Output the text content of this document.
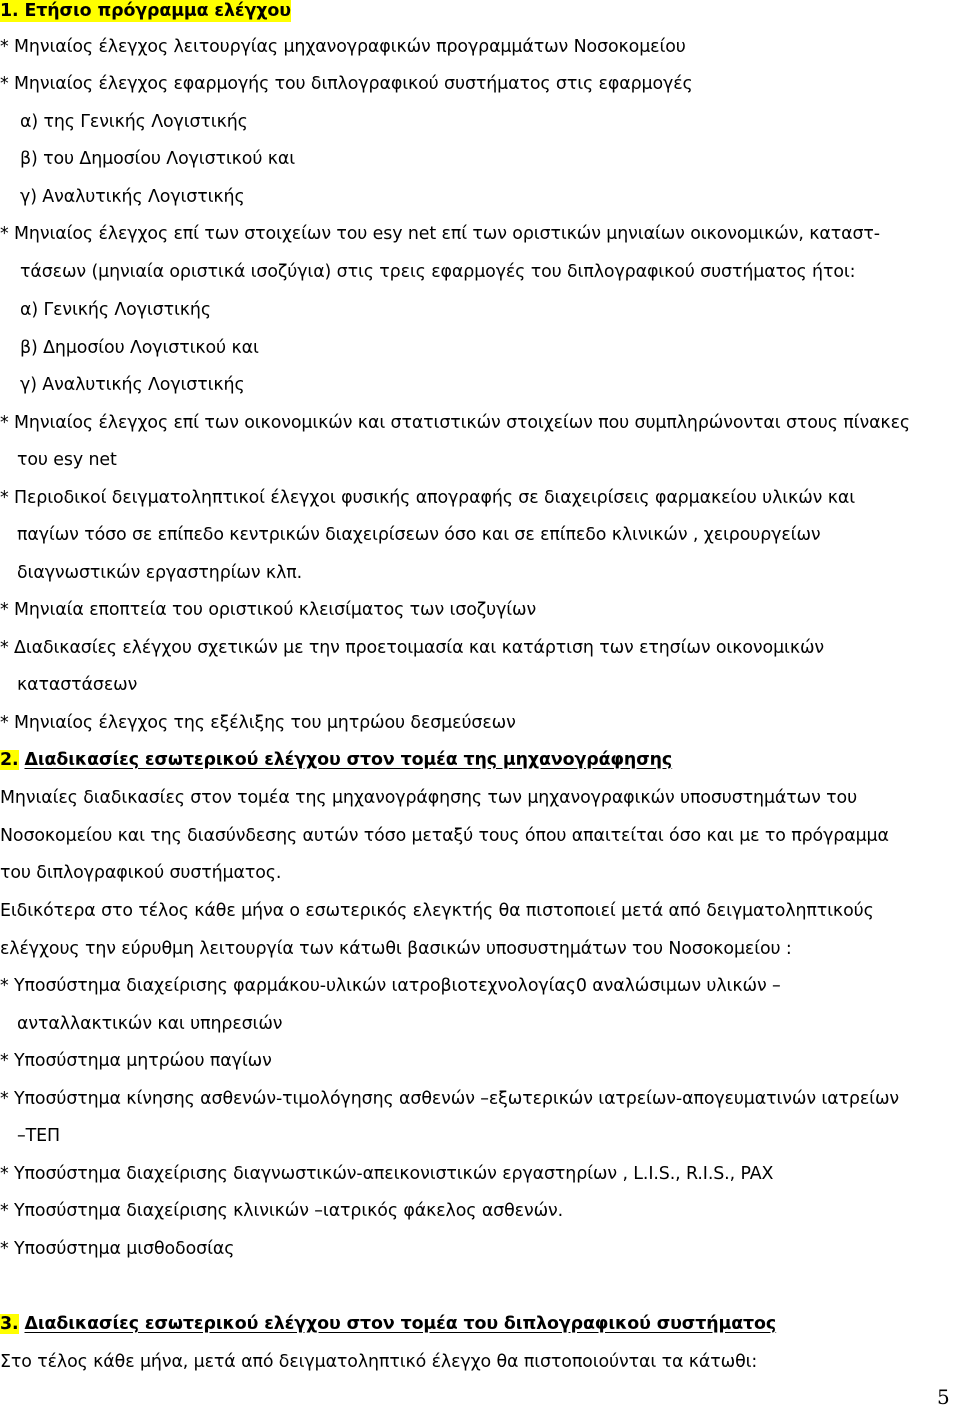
1. Ετήσιο πρόγραμμα ελέγχου
* Μηνιαίος έλεγχος λειτουργίας μηχανογραφικών προγραμμάτων Νοσοκομείου
* Μηνιαίος έλεγχος εφαρμογής του διπλογραφικού συστήματος στις εφαρμογές
α) της Γενικής Λογιστικής
β) του Δημοσίου Λογιστικού και
γ) Αναλυτικής Λογιστικής
* Μηνιαίος έλεγχος επί των στοιχείων του esy net επί των οριστικών μηνιαίων οικονομικών, καταστ-
τάσεων (μηνιαία οριστικά ισοζύγια) στις τρεις εφαρμογές του διπλογραφικού συστήματος ήτοι:
α) Γενικής Λογιστικής
β) Δημοσίου Λογιστικού και
γ) Αναλυτικής Λογιστικής
* Μηνιαίος έλεγχος επί των οικονομικών και στατιστικών στοιχείων που συμπληρώνονται στους πίνακες
του esy net
* Περιοδικοί δειγματοληπτικοί έλεγχοι φυσικής απογραφής σε διαχειρίσεις φαρμακείου υλικών και
παγίων τόσο σε επίπεδο κεντρικών διαχειρίσεων όσο και σε επίπεδο κλινικών , χειρουργείων
διαγνωστικών εργαστηρίων κλπ.
* Μηνιαία εποπτεία του οριστικού κλεισίματος των ισοζυγίων
* Διαδικασίες ελέγχου σχετικών με την προετοιμασία και κατάρτιση των ετησίων οικονομικών
καταστάσεων
* Μηνιαίος έλεγχος της εξέλιξης του μητρώου δεσμεύσεων
2. Διαδικασίες εσωτερικού ελέγχου στον τομέα της μηχανογράφησης
Μηνιαίες διαδικασίες στον τομέα της μηχανογράφησης των μηχανογραφικών υποσυστημάτων του
Νοσοκομείου και της διασύνδεσης αυτών τόσο μεταξύ τους όπου απαιτείται όσο και με το πρόγραμμα
του διπλογραφικού συστήματος.
Ειδικότερα στο τέλος κάθε μήνα ο εσωτερικός ελεγκτής θα πιστοποιεί μετά από δειγματοληπτικούς
ελέγχους την εύρυθμη λειτουργία των κάτωθι βασικών υποσυστημάτων του Νοσοκομείου :
* Υποσύστημα διαχείρισης φαρμάκου-υλικών ιατροβιοτεχνολογίας0 αναλώσιμων υλικών –
ανταλλακτικών και υπηρεσιών
* Υποσύστημα μητρώου παγίων
* Υποσύστημα κίνησης ασθενών-τιμολόγησης ασθενών –εξωτερικών ιατρείων-απογευματινών ιατρείων
–ΤΕΠ
* Υποσύστημα διαχείρισης διαγνωστικών-απεικονιστικών εργαστηρίων , L.I.S., R.I.S., PAX
* Υποσύστημα διαχείρισης κλινικών –ιατρικός φάκελος ασθενών.
* Υποσύστημα μισθοδοσίας
3. Διαδικασίες εσωτερικού ελέγχου στον τομέα του διπλογραφικού συστήματος
Στο τέλος κάθε μήνα, μετά από δειγματοληπτικό έλεγχο θα πιστοποιούνται τα κάτωθι:
5
